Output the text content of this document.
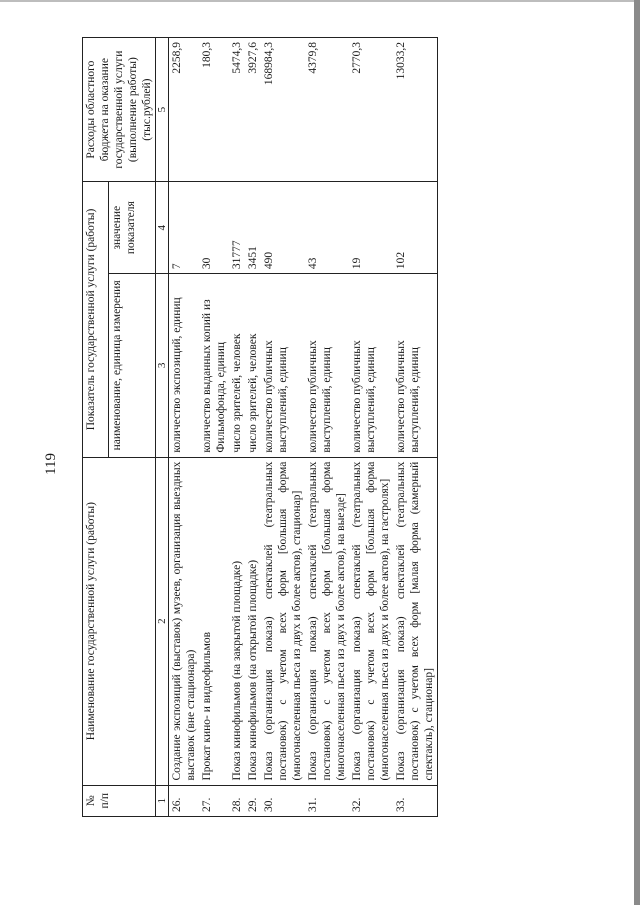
119
№ п/п	Наименование государственной услуги (работы)	Показатель государственной услуги (работы)		Расходы областного бюджета на оказание государственной услуги (выполнение работы) (тыс.рублей)
		наименование, единица измерения	значение показателя	
1	2	3	4	5
26.	Создание экспозиций (выставок) музеев, организация выездных выставок (вне стационара)	количество экспозиций, единиц	7	2258,9
27.	Прокат кино- и видеофильмов	количество выданных копий из Фильмофонда, единиц	30	180,3
28.	Показ кинофильмов (на закрытой площадке)	число зрителей, человек	31777	5474,3
29.	Показ кинофильмов (на открытой площадке)	число зрителей, человек	3451	3927,6
30.	Показ (организация показа) спектаклей (театральных постановок) с учетом всех форм [большая форма (многонаселенная пьеса из двух и более актов), стационар]	количество публичных выступлений, единиц	490	168984,3
31.	Показ (организация показа) спектаклей (театральных постановок) с учетом всех форм [большая форма (многонаселенная пьеса из двух и более актов), на выезде]	количество публичных выступлений, единиц	43	4379,8
32.	Показ (организация показа) спектаклей (театральных постановок) с учетом всех форм [большая форма (многонаселенная пьеса из двух и более актов), на гастролях]	количество публичных выступлений, единиц	19	2770,3
33.	Показ (организация показа) спектаклей (театральных постановок) с учетом всех форм [малая форма (камерный спектакль), стационар]	количество публичных выступлений, единиц	102	13033,2
